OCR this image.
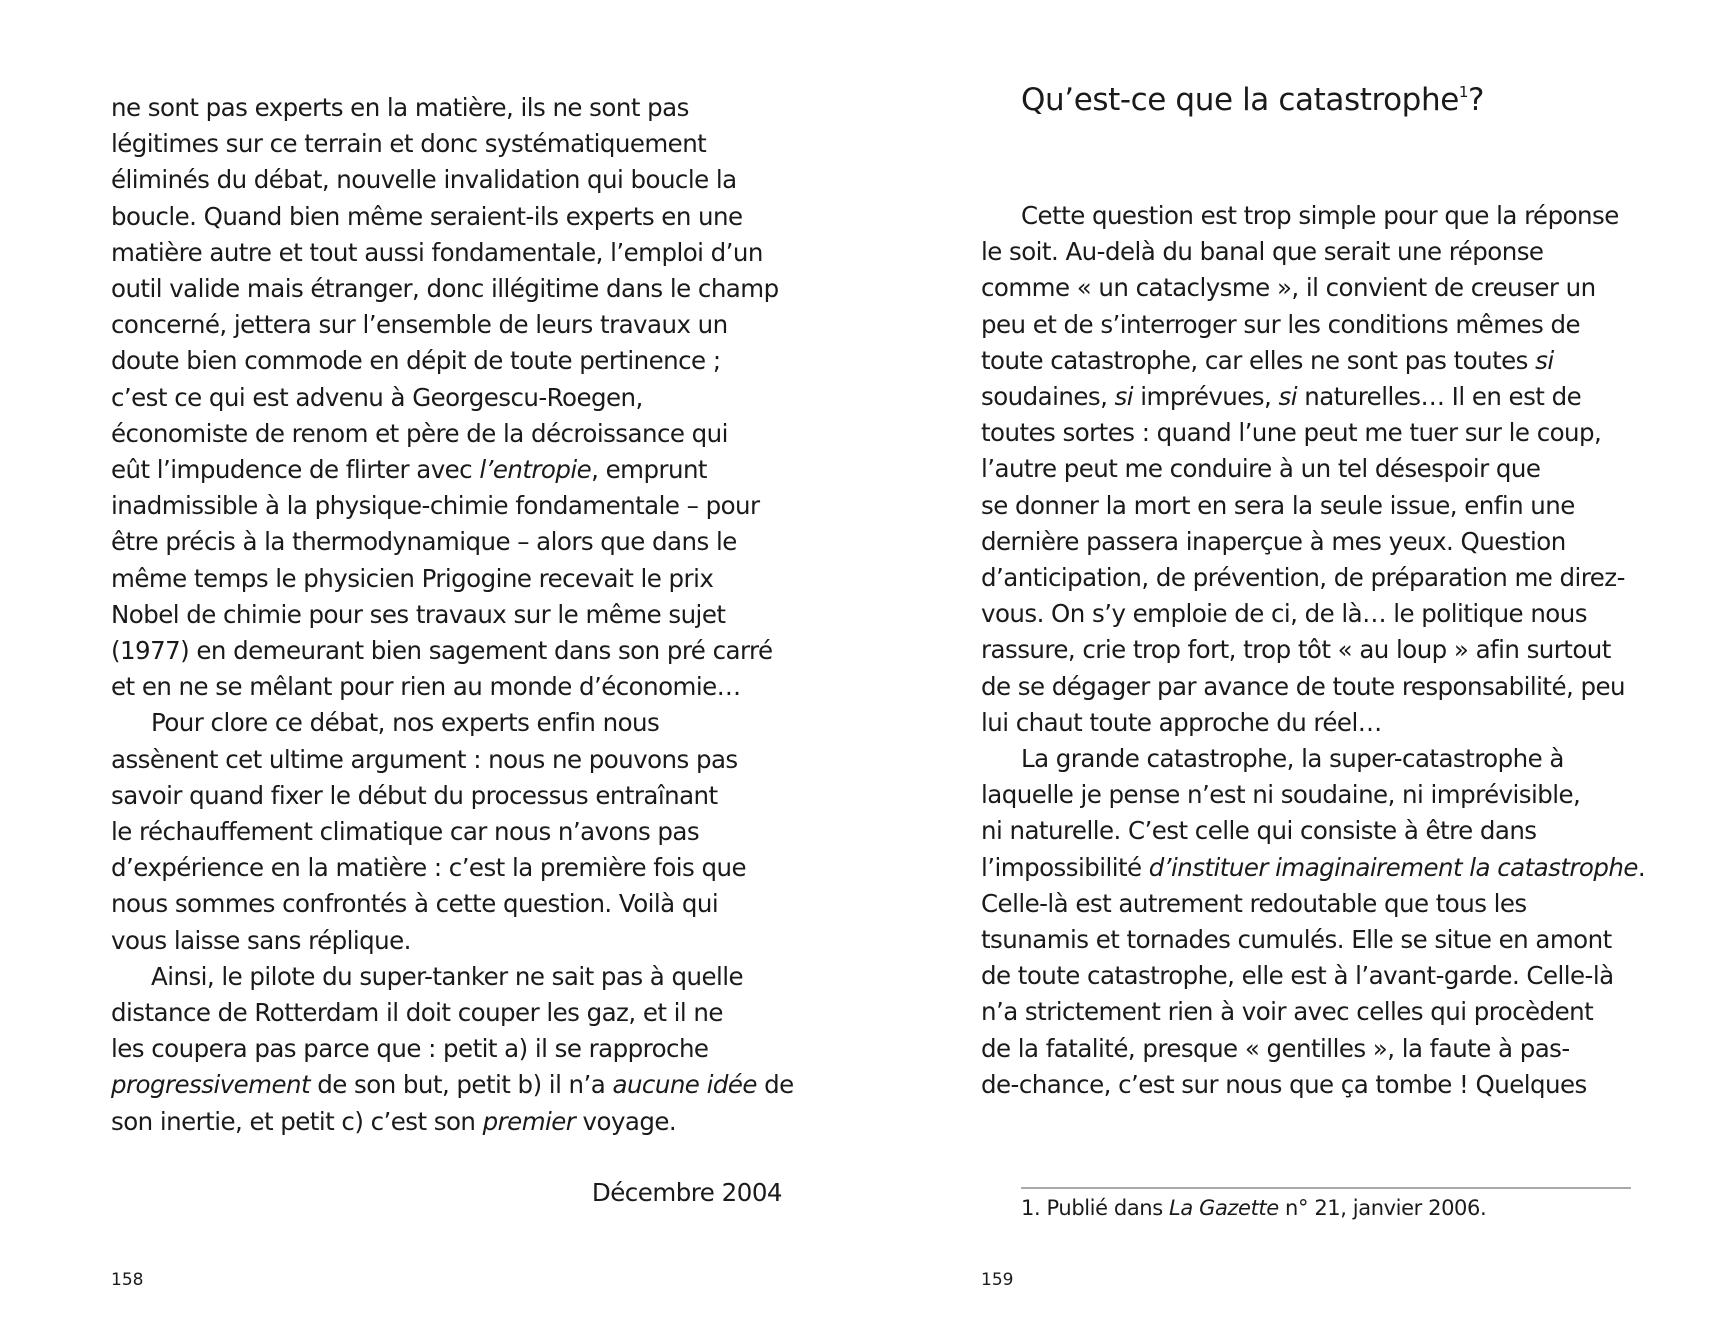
ne sont pas experts en la matière, ils ne sont pas
légitimes sur ce terrain et donc systématiquement
éliminés du débat, nouvelle invalidation qui boucle la
boucle. Quand bien même seraient-ils experts en une
matière autre et tout aussi fondamentale, l’emploi d’un
outil valide mais étranger, donc illégitime dans le champ
concerné, jettera sur l’ensemble de leurs travaux un
doute bien commode en dépit de toute pertinence ;
c’est ce qui est advenu à Georgescu-Roegen,
économiste de renom et père de la décroissance qui
eût l’impudence de flirter avec l’entropie, emprunt
inadmissible à la physique-chimie fondamentale – pour
être précis à la thermodynamique – alors que dans le
même temps le physicien Prigogine recevait le prix
Nobel de chimie pour ses travaux sur le même sujet
(1977) en demeurant bien sagement dans son pré carré
et en ne se mêlant pour rien au monde d’économie…
Pour clore ce débat, nos experts enfin nous
assènent cet ultime argument : nous ne pouvons pas
savoir quand fixer le début du processus entraînant
le réchauffement climatique car nous n’avons pas
d’expérience en la matière : c’est la première fois que
nous sommes confrontés à cette question. Voilà qui
vous laisse sans réplique.
Ainsi, le pilote du super-tanker ne sait pas à quelle
distance de Rotterdam il doit couper les gaz, et il ne
les coupera pas parce que : petit a) il se rapproche
progressivement de son but, petit b) il n’a aucune idée de
son inertie, et petit c) c’est son premier voyage.
Décembre 2004
158
Qu’est-ce que la catastrophe$^1$?
Cette question est trop simple pour que la réponse
le soit. Au-delà du banal que serait une réponse
comme « un cataclysme », il convient de creuser un
peu et de s’interroger sur les conditions mêmes de
toute catastrophe, car elles ne sont pas toutes si
soudaines, si imprévues, si naturelles… Il en est de
toutes sortes : quand l’une peut me tuer sur le coup,
l’autre peut me conduire à un tel désespoir que
se donner la mort en sera la seule issue, enfin une
dernière passera inaperçue à mes yeux. Question
d’anticipation, de prévention, de préparation me direz-
vous. On s’y emploie de ci, de là… le politique nous
rassure, crie trop fort, trop tôt « au loup » afin surtout
de se dégager par avance de toute responsabilité, peu
lui chaut toute approche du réel…
La grande catastrophe, la super-catastrophe à
laquelle je pense n’est ni soudaine, ni imprévisible,
ni naturelle. C’est celle qui consiste à être dans
l’impossibilité d’instituer imaginairement la catastrophe.
Celle-là est autrement redoutable que tous les
tsunamis et tornades cumulés. Elle se situe en amont
de toute catastrophe, elle est à l’avant-garde. Celle-là
n’a strictement rien à voir avec celles qui procèdent
de la fatalité, presque « gentilles », la faute à pas-
de-chance, c’est sur nous que ça tombe ! Quelques
1. Publié dans La Gazette n° 21, janvier 2006.
159
